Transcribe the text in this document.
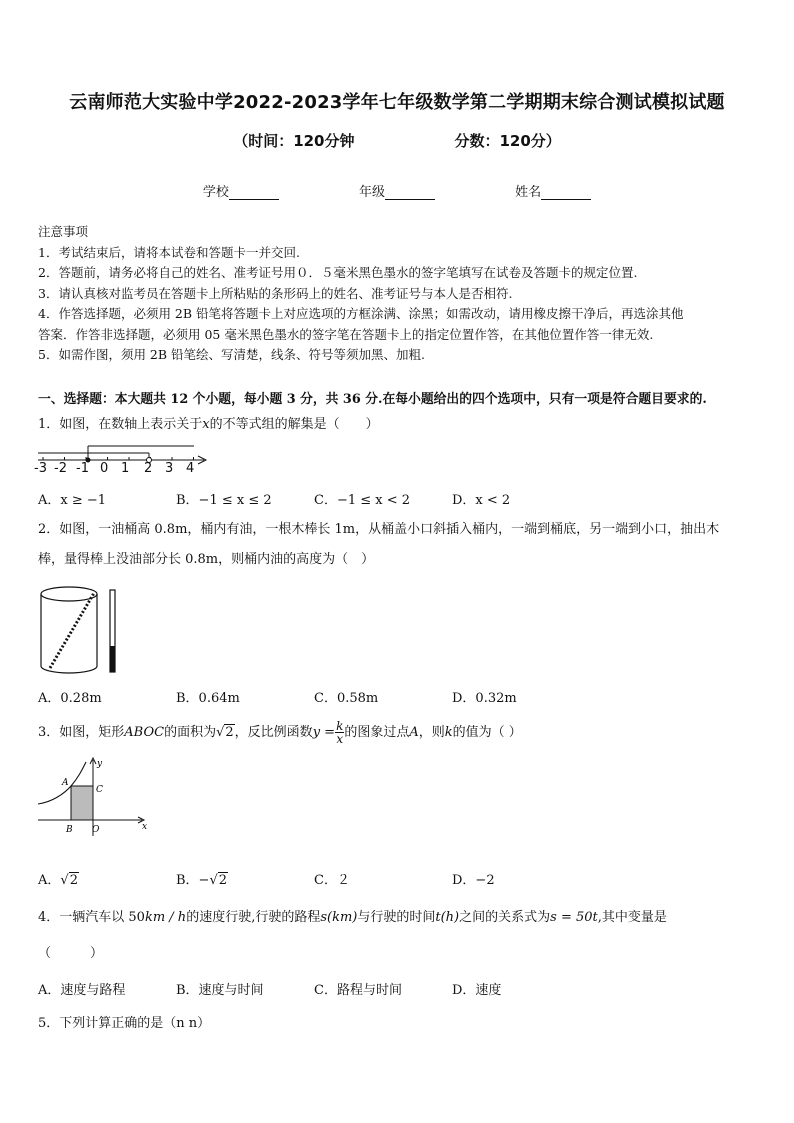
云南师范大实验中学2022-2023学年七年级数学第二学期期末综合测试模拟试题
（时间：120分钟	分数：120分）
学校	年级	姓名
注意事项
1．考试结束后，请将本试卷和答题卡一并交回.
2．答题前，请务必将自己的姓名、准考证号用０．５毫米黑色墨水的签字笔填写在试卷及答题卡的规定位置.
3．请认真核对监考员在答题卡上所粘贴的条形码上的姓名、准考证号与本人是否相符.
4．作答选择题，必须用 2B 铅笔将答题卡上对应选项的方框涂满、涂黑；如需改动，请用橡皮擦干净后，再选涂其他
答案．作答非选择题，必须用 05 毫米黑色墨水的签字笔在答题卡上的指定位置作答，在其他位置作答一律无效.
5．如需作图，须用 2B 铅笔绘、写清楚，线条、符号等须加黑、加粗.
一、选择题：本大题共 12 个小题，每小题 3 分，共 36 分.在每小题给出的四个选项中，只有一项是符合题目要求的.
1．如图，在数轴上表示关于x的不等式组的解集是（　　）
-3 -2 -1 0 1 2 3 4
A．x ≥ −1	B．−1 ≤ x ≤ 2	C．−1 ≤ x < 2	D．x < 2
2．如图，一油桶高 0.8m，桶内有油，一根木棒长 1m，从桶盖小口斜插入桶内，一端到桶底，另一端到小口，抽出木
棒，量得棒上没油部分长 0.8m，则桶内油的高度为（　）
A．0.28m	B．0.64m	C．0.58m	D．0.32m
3．如图，矩形ABOC的面积为√2，反比例函数$y = \frac{k}{x}$ 的图象过点A，则k的值为（ ）
A
B
C
O	x
y
A．√2	B．−√2	C．２	D．−2
4．一辆汽车以 50km / h的速度行驶,行驶的路程s(km)与行驶的时间t(h)之间的关系式为s = 50t,其中变量是
（　　　）
A．速度与路程	B．速度与时间	C．路程与时间	D．速度
5．下列计算正确的是（n n）
